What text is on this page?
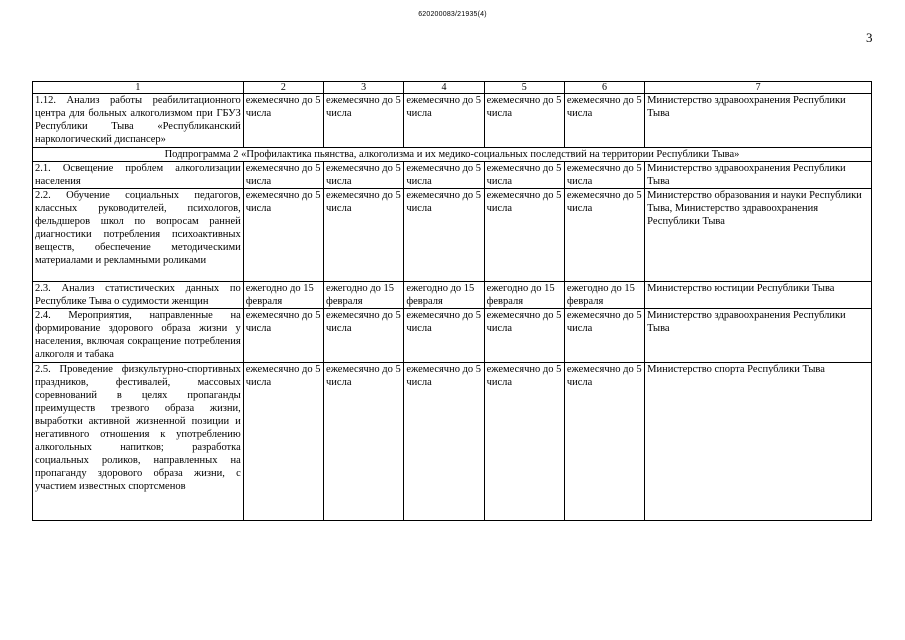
620200083/21935(4)
3
1	2	3	4	5	6	7
1.12. Анализ работы реабилитационного центра для больных алкоголизмом при ГБУЗ Республики Тыва «Республиканский наркологический диспансер»	ежемесячно до 5 числа	ежемесячно до 5 числа	ежемесячно до 5 числа	ежемесячно до 5 числа	ежемесячно до 5 числа	Министерство здравоохранения Республики Тыва
Подпрограмма 2 «Профилактика пьянства, алкоголизма и их медико-социальных последствий на территории Республики Тыва»						
2.1. Освещение проблем алкоголизации населения	ежемесячно до 5 числа	ежемесячно до 5 числа	ежемесячно до 5 числа	ежемесячно до 5 числа	ежемесячно до 5 числа	Министерство здравоохранения Республики Тыва
2.2. Обучение социальных педагогов, классных руководителей, психологов, фельдшеров школ по вопросам ранней диагностики потребления психоактивных веществ, обеспечение методическими материалами и рекламными роликами	ежемесячно до 5 числа	ежемесячно до 5 числа	ежемесячно до 5 числа	ежемесячно до 5 числа	ежемесячно до 5 числа	Министерство образования и науки Республики Тыва, Министерство здравоохранения Республики Тыва
2.3. Анализ статистических данных по Республике Тыва о судимости женщин	ежегодно до 15 февраля	ежегодно до 15 февраля	ежегодно до 15 февраля	ежегодно до 15 февраля	ежегодно до 15 февраля	Министерство юстиции Республики Тыва
2.4. Мероприятия, направленные на формирование здорового образа жизни у населения, включая сокращение потребления алкоголя и табака	ежемесячно до 5 числа	ежемесячно до 5 числа	ежемесячно до 5 числа	ежемесячно до 5 числа	ежемесячно до 5 числа	Министерство здравоохранения Республики Тыва
2.5. Проведение физкультурно-спортивных праздников, фестивалей, массовых соревнований в целях пропаганды преимуществ трезвого образа жизни, выработки активной жизненной позиции и негативного отношения к употреблению алкогольных напитков; разработка социальных роликов, направленных на пропаганду здорового образа жизни, с участием известных спортсменов	ежемесячно до 5 числа	ежемесячно до 5 числа	ежемесячно до 5 числа	ежемесячно до 5 числа	ежемесячно до 5 числа	Министерство спорта Республики Тыва
